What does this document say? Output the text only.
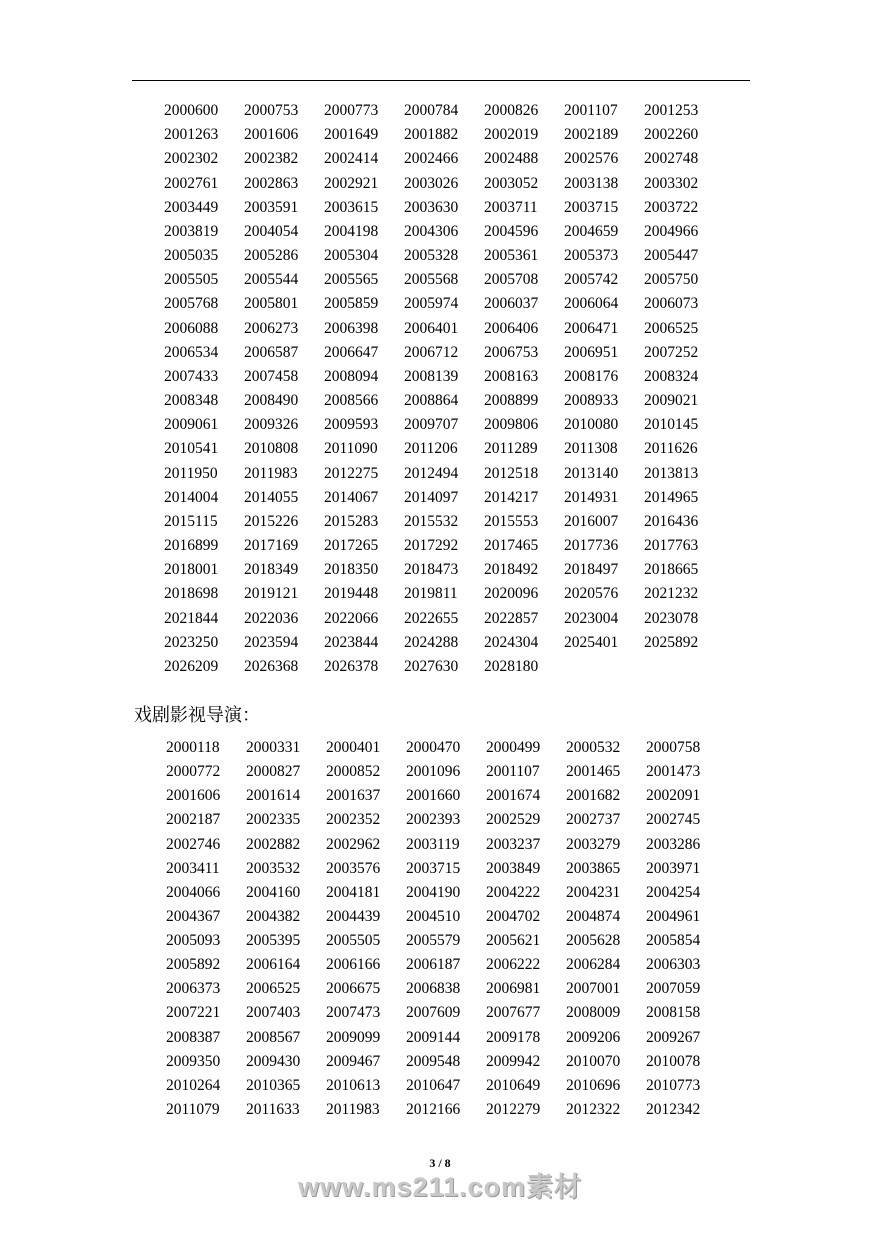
2000600	2000753	2000773	2000784	2000826	2001107	2001253
2001263	2001606	2001649	2001882	2002019	2002189	2002260
2002302	2002382	2002414	2002466	2002488	2002576	2002748
2002761	2002863	2002921	2003026	2003052	2003138	2003302
2003449	2003591	2003615	2003630	2003711	2003715	2003722
2003819	2004054	2004198	2004306	2004596	2004659	2004966
2005035	2005286	2005304	2005328	2005361	2005373	2005447
2005505	2005544	2005565	2005568	2005708	2005742	2005750
2005768	2005801	2005859	2005974	2006037	2006064	2006073
2006088	2006273	2006398	2006401	2006406	2006471	2006525
2006534	2006587	2006647	2006712	2006753	2006951	2007252
2007433	2007458	2008094	2008139	2008163	2008176	2008324
2008348	2008490	2008566	2008864	2008899	2008933	2009021
2009061	2009326	2009593	2009707	2009806	2010080	2010145
2010541	2010808	2011090	2011206	2011289	2011308	2011626
2011950	2011983	2012275	2012494	2012518	2013140	2013813
2014004	2014055	2014067	2014097	2014217	2014931	2014965
2015115	2015226	2015283	2015532	2015553	2016007	2016436
2016899	2017169	2017265	2017292	2017465	2017736	2017763
2018001	2018349	2018350	2018473	2018492	2018497	2018665
2018698	2019121	2019448	2019811	2020096	2020576	2021232
2021844	2022036	2022066	2022655	2022857	2023004	2023078
2023250	2023594	2023844	2024288	2024304	2025401	2025892
2026209	2026368	2026378	2027630	2028180
戏剧影视导演：
2000118	2000331	2000401	2000470	2000499	2000532	2000758
2000772	2000827	2000852	2001096	2001107	2001465	2001473
2001606	2001614	2001637	2001660	2001674	2001682	2002091
2002187	2002335	2002352	2002393	2002529	2002737	2002745
2002746	2002882	2002962	2003119	2003237	2003279	2003286
2003411	2003532	2003576	2003715	2003849	2003865	2003971
2004066	2004160	2004181	2004190	2004222	2004231	2004254
2004367	2004382	2004439	2004510	2004702	2004874	2004961
2005093	2005395	2005505	2005579	2005621	2005628	2005854
2005892	2006164	2006166	2006187	2006222	2006284	2006303
2006373	2006525	2006675	2006838	2006981	2007001	2007059
2007221	2007403	2007473	2007609	2007677	2008009	2008158
2008387	2008567	2009099	2009144	2009178	2009206	2009267
2009350	2009430	2009467	2009548	2009942	2010070	2010078
2010264	2010365	2010613	2010647	2010649	2010696	2010773
2011079	2011633	2011983	2012166	2012279	2012322	2012342
3 / 8
www.ms211.com素材
